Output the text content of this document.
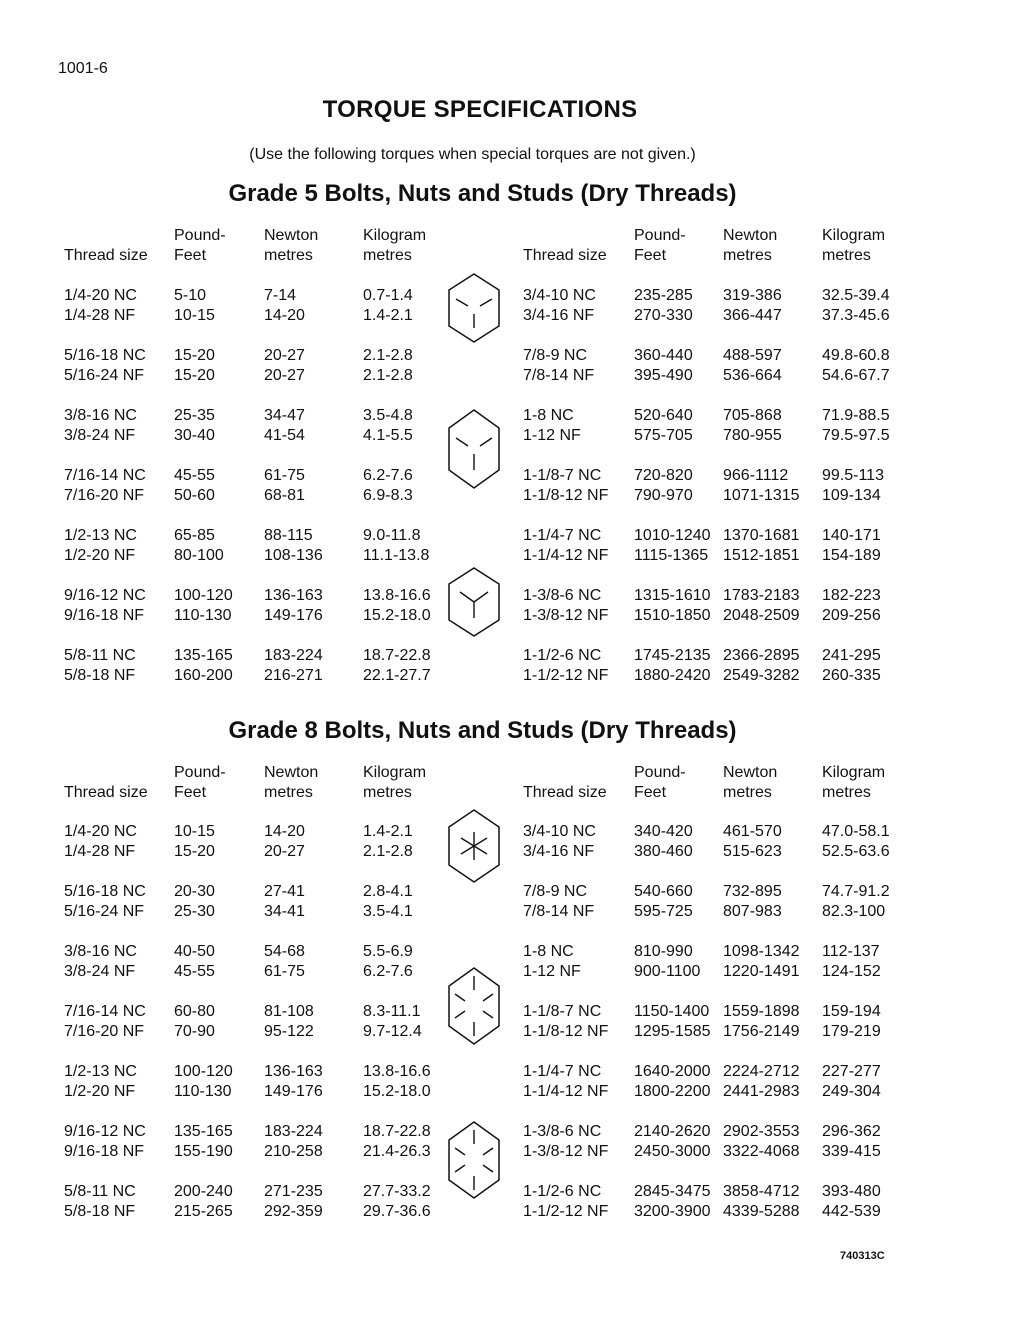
1001-6
TORQUE SPECIFICATIONS
(Use the following torques when special torques are not given.)
Grade 5 Bolts, Nuts and Studs (Dry Threads)

Thread size
Pound-
Feet
Newton
metres
Kilogram
metres	Thread size
Pound-
Feet
Newton
metres
Kilogram
metres
1/4-20 NC
1/4-28 NF
5/16-18 NC
5/16-24 NF
3/8-16 NC
3/8-24 NF
7/16-14 NC
7/16-20 NF
1/2-13 NC
1/2-20 NF
9/16-12 NC
9/16-18 NF
5/8-11 NC
5/8-18 NF
5-10
10-15
15-20
15-20
25-35
30-40
45-55
50-60
65-85
80-100
100-120
110-130
135-165
160-200
7-14
14-20
20-27
20-27
34-47
41-54
61-75
68-81
88-115
108-136
136-163
149-176
183-224
216-271
0.7-1.4
1.4-2.1
2.1-2.8
2.1-2.8
3.5-4.8
4.1-5.5
6.2-7.6
6.9-8.3
9.0-11.8
11.1-13.8
13.8-16.6
15.2-18.0
18.7-22.8
22.1-27.7
3/4-10 NC
3/4-16 NF
7/8-9 NC
7/8-14 NF
1-8 NC
1-12 NF
1-1/8-7 NC
1-1/8-12 NF
1-1/4-7 NC
1-1/4-12 NF
1-3/8-6 NC
1-3/8-12 NF
1-1/2-6 NC
1-1/2-12 NF
235-285
270-330
360-440
395-490
520-640
575-705
720-820
790-970
1010-1240
1115-1365
1315-1610
1510-1850
1745-2135
1880-2420
319-386
366-447
488-597
536-664
705-868
780-955
966-1112
1071-1315
1370-1681
1512-1851
1783-2183
2048-2509
2366-2895
2549-3282
32.5-39.4
37.3-45.6
49.8-60.8
54.6-67.7
71.9-88.5
79.5-97.5
99.5-113
109-134
140-171
154-189
182-223
209-256
241-295
260-335
Grade 8 Bolts, Nuts and Studs (Dry Threads)

Thread size
Pound-
Feet
Newton
metres
Kilogram
metres	Thread size
Pound-
Feet
Newton
metres
Kilogram
metres
1/4-20 NC
1/4-28 NF
5/16-18 NC
5/16-24 NF
3/8-16 NC
3/8-24 NF
7/16-14 NC
7/16-20 NF
1/2-13 NC
1/2-20 NF
9/16-12 NC
9/16-18 NF
5/8-11 NC
5/8-18 NF
10-15
15-20
20-30
25-30
40-50
45-55
60-80
70-90
100-120
110-130
135-165
155-190
200-240
215-265
14-20
20-27
27-41
34-41
54-68
61-75
81-108
95-122
136-163
149-176
183-224
210-258
271-235
292-359
1.4-2.1
2.1-2.8
2.8-4.1
3.5-4.1
5.5-6.9
6.2-7.6
8.3-11.1
9.7-12.4
13.8-16.6
15.2-18.0
18.7-22.8
21.4-26.3
27.7-33.2
29.7-36.6
3/4-10 NC
3/4-16 NF
7/8-9 NC
7/8-14 NF
1-8 NC
1-12 NF
1-1/8-7 NC
1-1/8-12 NF
1-1/4-7 NC
1-1/4-12 NF
1-3/8-6 NC
1-3/8-12 NF
1-1/2-6 NC
1-1/2-12 NF
340-420
380-460
540-660
595-725
810-990
900-1100
1150-1400
1295-1585
1640-2000
1800-2200
2140-2620
2450-3000
2845-3475
3200-3900
461-570
515-623
732-895
807-983
1098-1342
1220-1491
1559-1898
1756-2149
2224-2712
2441-2983
2902-3553
3322-4068
3858-4712
4339-5288
47.0-58.1
52.5-63.6
74.7-91.2
82.3-100
112-137
124-152
159-194
179-219
227-277
249-304
296-362
339-415
393-480
442-539
740313C
